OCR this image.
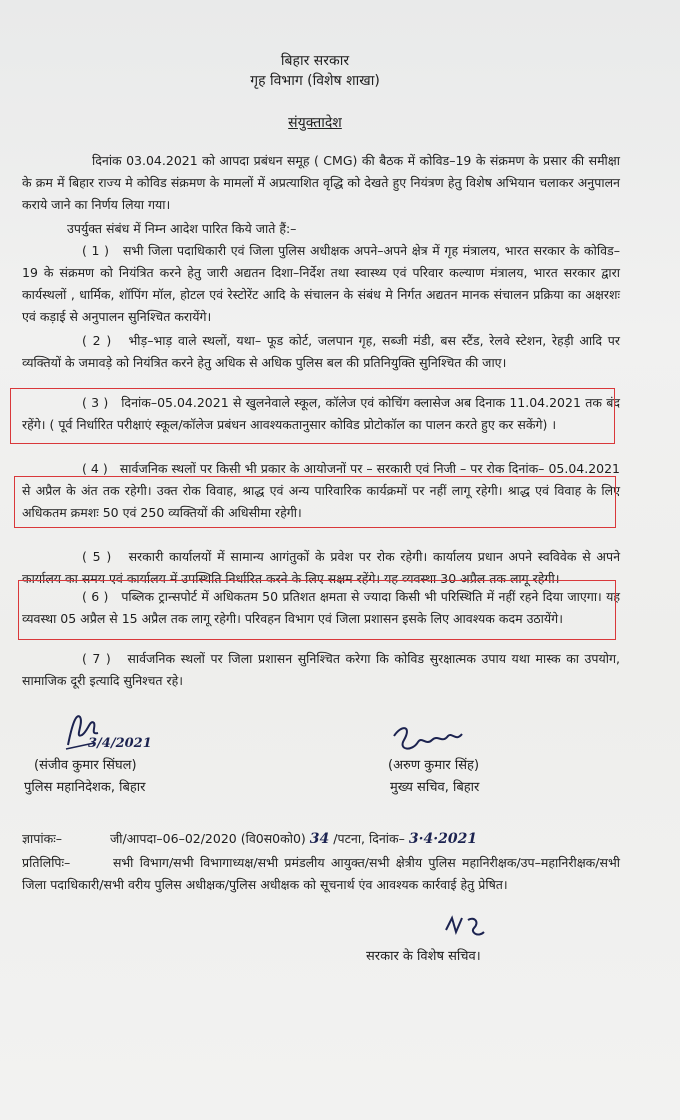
बिहार सरकार
गृह विभाग (विशेष शाखा)
संयुक्तादेश
दिनांक 03.04.2021 को आपदा प्रबंधन समूह ( CMG) की बैठक में कोविड–19 के संक्रमण के प्रसार की समीक्षा के क्रम में बिहार राज्य मे कोविड संक्रमण के मामलों में अप्रत्याशित वृद्धि को देखते हुए नियंत्रण हेतु विशेष अभियान चलाकर अनुपालन कराये जाने का निर्णय लिया गया।
उपर्युक्त संबंध में निम्न आदेश पारित किये जाते हैं:–
( 1 ) सभी जिला पदाधिकारी एवं जिला पुलिस अधीक्षक अपने–अपने क्षेत्र में गृह मंत्रालय, भारत सरकार के कोविड– 19 के संक्रमण को नियंत्रित करने हेतु जारी अद्यतन दिशा–निर्देश तथा स्वास्थ्य एवं परिवार कल्याण मंत्रालय, भारत सरकार द्वारा कार्यस्थलों , धार्मिक, शॉपिंग मॉल, होटल एवं रेस्टोरेंट आदि के संचालन के संबंध मे निर्गत अद्यतन मानक संचालन प्रक्रिया का अक्षरशः एवं कड़ाई से अनुपालन सुनिश्चित करायेंगे।
( 2 ) भीड़–भाड़ वाले स्थलों, यथा– फूड कोर्ट, जलपान गृह, सब्जी मंडी, बस स्टैंड, रेलवे स्टेशन, रेहड़ी आदि पर व्यक्तियों के जमावड़े को नियंत्रित करने हेतु अधिक से अधिक पुलिस बल की प्रतिनियुक्ति सुनिश्चित की जाए।
( 3 ) दिनांक–05.04.2021 से खुलनेवाले स्कूल, कॉलेज एवं कोचिंग क्लासेज अब दिनाक 11.04.2021 तक बंद रहेंगे। ( पूर्व निर्धारित परीक्षाएं स्कूल/कॉलेज प्रबंधन आवश्यकतानुसार कोविड प्रोटोकॉल का पालन करते हुए कर सकेंगे) ।
( 4 ) सार्वजनिक स्थलों पर किसी भी प्रकार के आयोजनों पर – सरकारी एवं निजी – पर रोक दिनांक– 05.04.2021 से अप्रैल के अंत तक रहेगी। उक्त रोक विवाह, श्राद्ध एवं अन्य पारिवारिक कार्यक्रमों पर नहीं लागू रहेगी। श्राद्ध एवं विवाह के लिए अधिकतम क्रमशः 50 एवं 250 व्यक्तियों की अधिसीमा रहेगी।
( 5 ) सरकारी कार्यालयों में सामान्य आगंतुकों के प्रवेश पर रोक रहेगी। कार्यालय प्रधान अपने स्वविवेक से अपने कार्यालय का समय एवं कार्यालय में उपस्थिति निर्धारित करने के लिए सक्षम रहेंगे। यह व्यवस्था 30 अप्रैल तक लागू रहेगी।
( 6 ) पब्लिक ट्रान्सपोर्ट में अधिकतम 50 प्रतिशत क्षमता से ज्यादा किसी भी परिस्थिति में नहीं रहने दिया जाएगा। यह व्यवस्था 05 अप्रैल से 15 अप्रैल तक लागू रहेगी। परिवहन विभाग एवं जिला प्रशासन इसके लिए आवश्यक कदम उठायेंगे।
( 7 ) सार्वजनिक स्थलों पर जिला प्रशासन सुनिश्चित करेगा कि कोविड सुरक्षात्मक उपाय यथा मास्क का उपयोग, सामाजिक दूरी इत्यादि सुनिश्चत रहे।
3/4/2021
(संजीव कुमार सिंघल)
पुलिस महानिदेशक, बिहार
(अरुण कुमार सिंह)
मुख्य सचिव, बिहार
ज्ञापांकः–	जी/आपदा–06–02/2020 (वि0स0को0) 34 /पटना, दिनांक– 3·4·2021
प्रतिलिपिः–	सभी विभाग/सभी विभागाध्यक्ष/सभी प्रमंडलीय आयुक्त/सभी क्षेत्रीय पुलिस महानिरीक्षक/उप–महानिरीक्षक/सभी जिला पदाधिकारी/सभी वरीय पुलिस अधीक्षक/पुलिस अधीक्षक को सूचनार्थ एंव आवश्यक कार्रवाई हेतु प्रेषित।
सरकार के विशेष सचिव।
